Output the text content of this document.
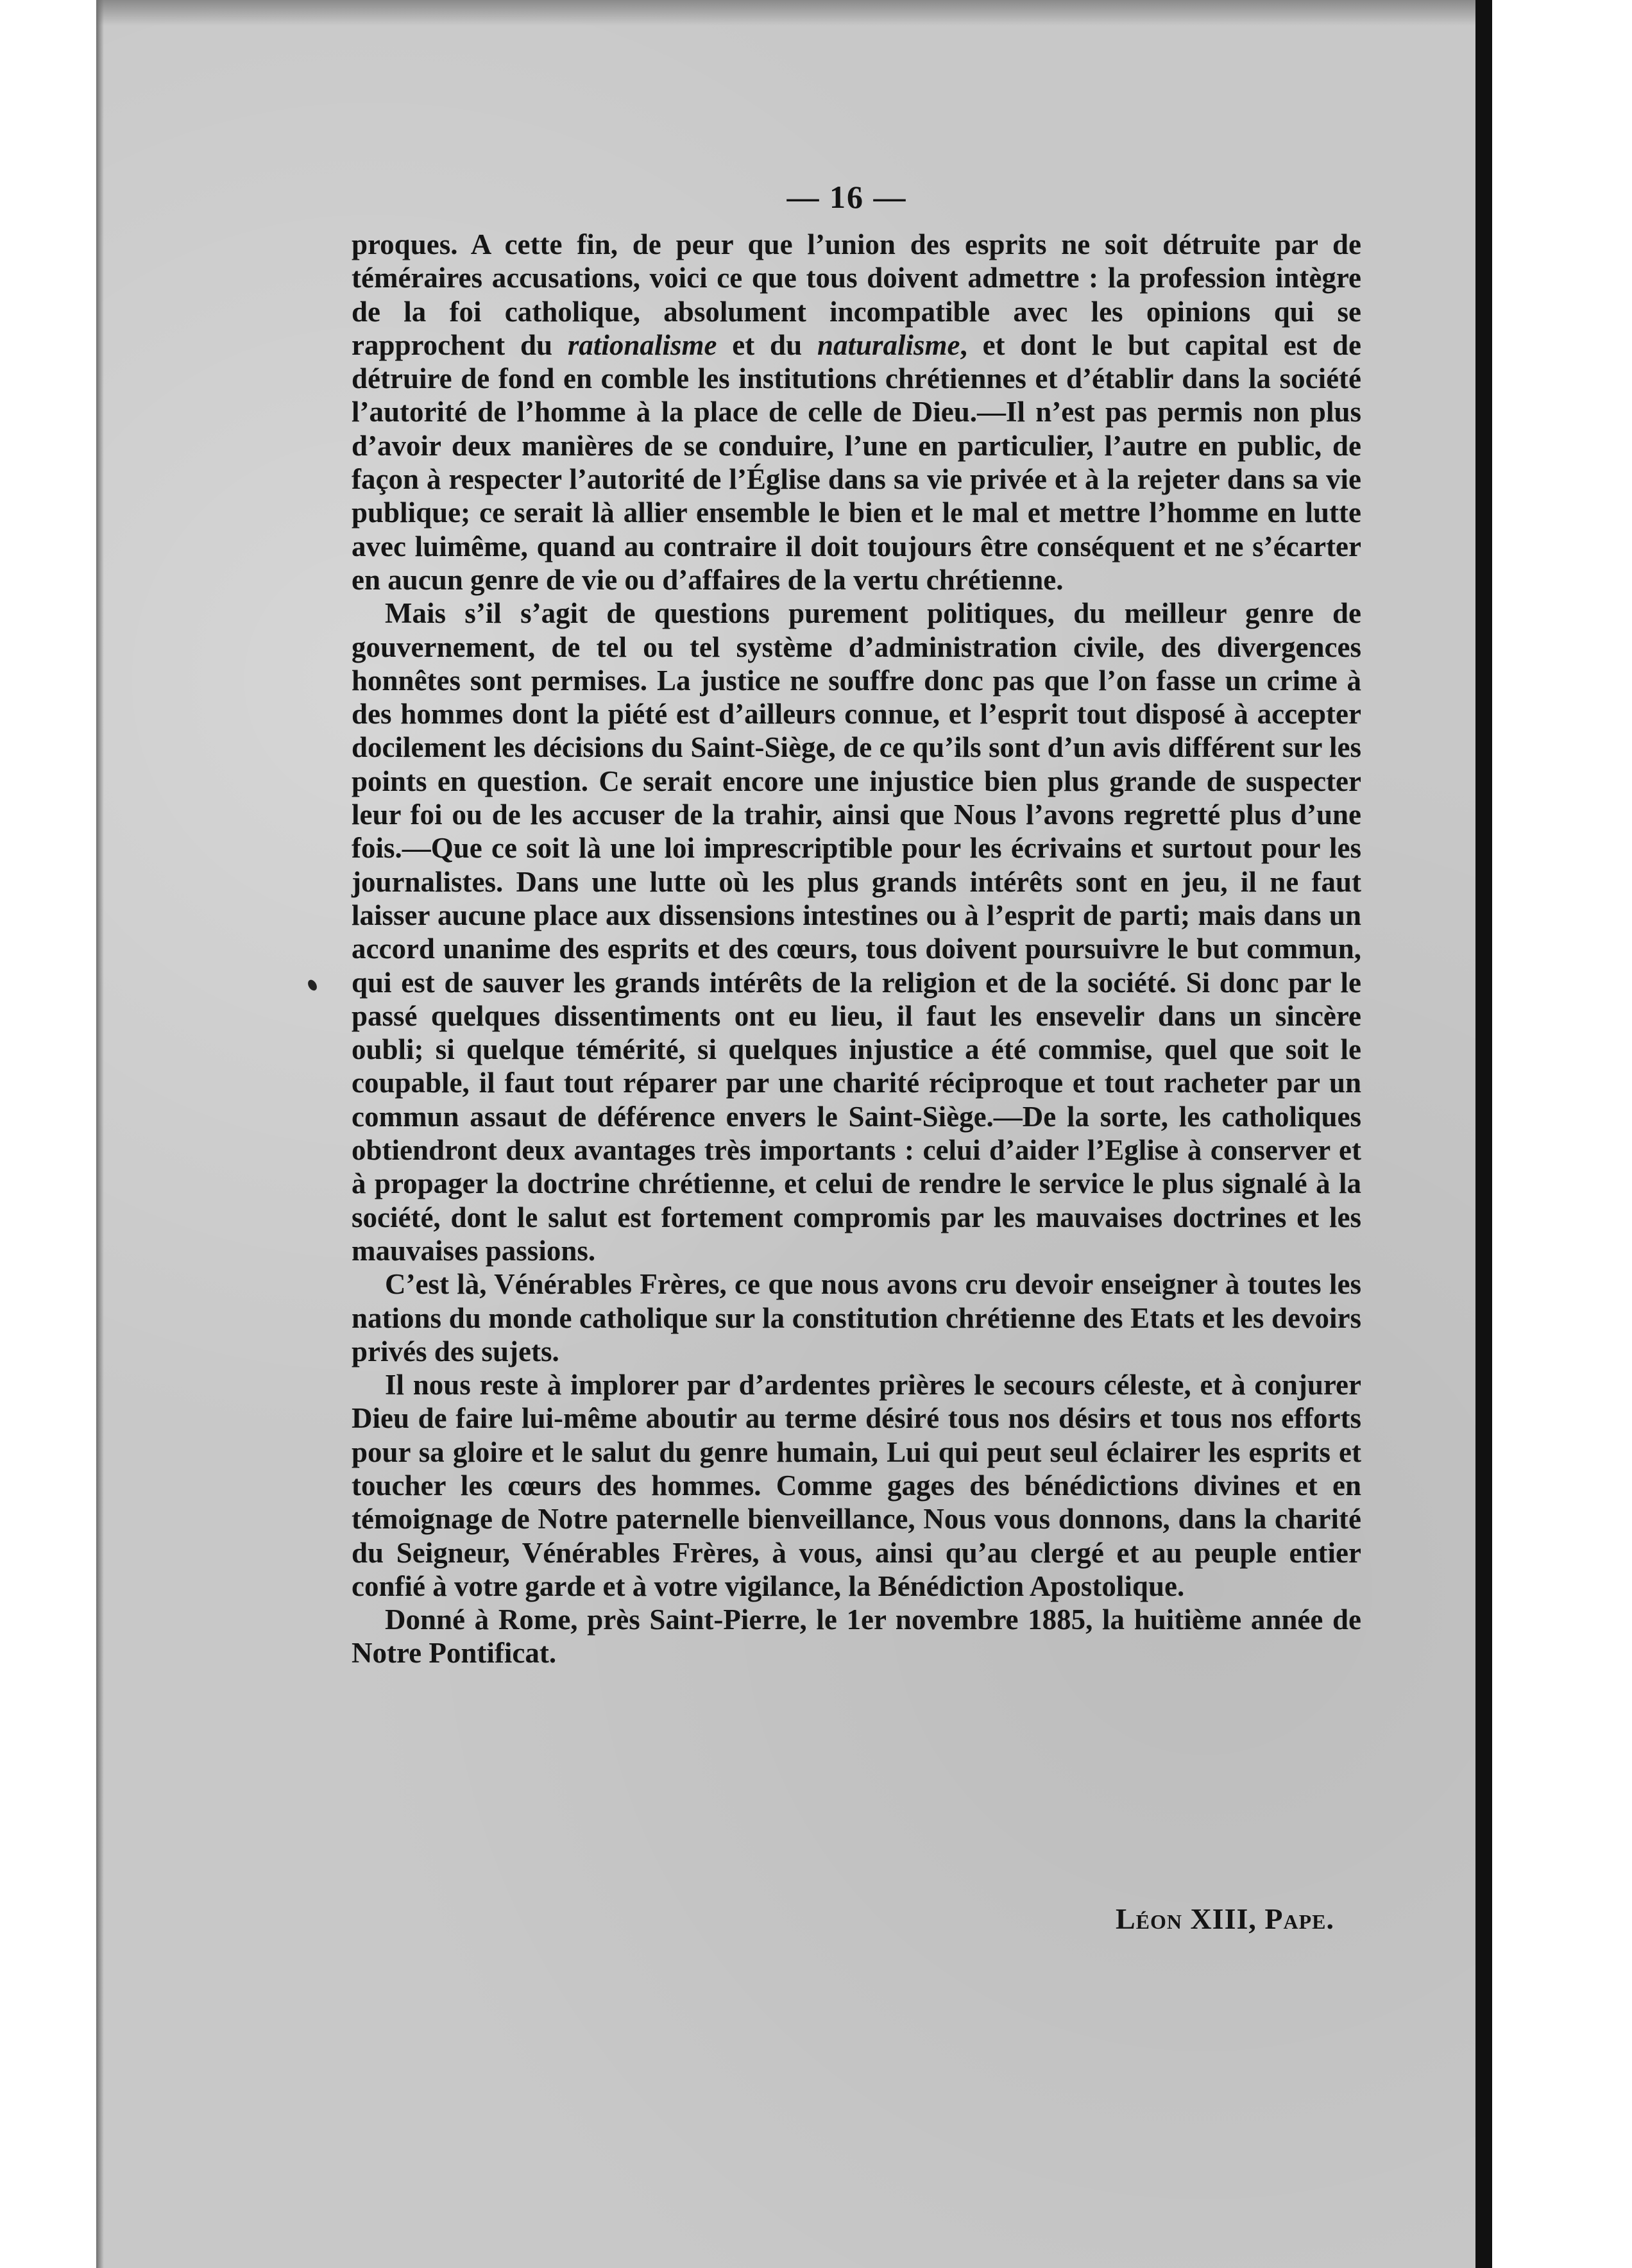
— 16 —

proques. A cette fin, de peur que l’union des esprits ne soit détruite par de téméraires accusations, voici ce que tous doivent admettre : la profession intègre de la foi catholique, absolument incompatible avec les opinions qui se rapprochent du rationalisme et du naturalisme, et dont le but capital est de détruire de fond en comble les institutions chrétiennes et d’établir dans la société l’autorité de l’homme à la place de celle de Dieu.—Il n’est pas permis non plus d’avoir deux manières de se conduire, l’une en particulier, l’autre en public, de façon à respecter l’autorité de l’Église dans sa vie privée et à la rejeter dans sa vie publique; ce serait là allier ensemble le bien et le mal et mettre l’homme en lutte avec luimême, quand au contraire il doit toujours être conséquent et ne s’écarter en aucun genre de vie ou d’affaires de la vertu chrétienne.

Mais s’il s’agit de questions purement politiques, du meilleur genre de gouvernement, de tel ou tel système d’administration civile, des divergences honnêtes sont permises. La justice ne souffre donc pas que l’on fasse un crime à des hommes dont la piété est d’ailleurs connue, et l’esprit tout disposé à accepter docilement les décisions du Saint-Siège, de ce qu’ils sont d’un avis différent sur les points en question. Ce serait encore une injustice bien plus grande de suspecter leur foi ou de les accuser de la trahir, ainsi que Nous l’avons regretté plus d’une fois.—Que ce soit là une loi imprescriptible pour les écrivains et surtout pour les journalistes. Dans une lutte où les plus grands intérêts sont en jeu, il ne faut laisser aucune place aux dissensions intestines ou à l’esprit de parti; mais dans un accord unanime des esprits et des cœurs, tous doivent poursuivre le but commun, qui est de sauver les grands intérêts de la religion et de la société. Si donc par le passé quelques dissentiments ont eu lieu, il faut les ensevelir dans un sincère oubli; si quelque témérité, si quelques injustice a été commise, quel que soit le coupable, il faut tout réparer par une charité réciproque et tout racheter par un commun assaut de déférence envers le Saint-Siège.—De la sorte, les catholiques obtiendront deux avantages très importants : celui d’aider l’Eglise à conserver et à propager la doctrine chrétienne, et celui de rendre le service le plus signalé à la société, dont le salut est fortement compromis par les mauvaises doctrines et les mauvaises passions.

C’est là, Vénérables Frères, ce que nous avons cru devoir enseigner à toutes les nations du monde catholique sur la constitution chrétienne des Etats et les devoirs privés des sujets.

Il nous reste à implorer par d’ardentes prières le secours céleste, et à conjurer Dieu de faire lui-même aboutir au terme désiré tous nos désirs et tous nos efforts pour sa gloire et le salut du genre humain, Lui qui peut seul éclairer les esprits et toucher les cœurs des hommes. Comme gages des bénédictions divines et en témoignage de Notre paternelle bienveillance, Nous vous donnons, dans la charité du Seigneur, Vénérables Frères, à vous, ainsi qu’au clergé et au peuple entier confié à votre garde et à votre vigilance, la Bénédiction Apostolique.

Donné à Rome, près Saint-Pierre, le 1er novembre 1885, la huitième année de Notre Pontificat.

Léon XIII, Pape.
